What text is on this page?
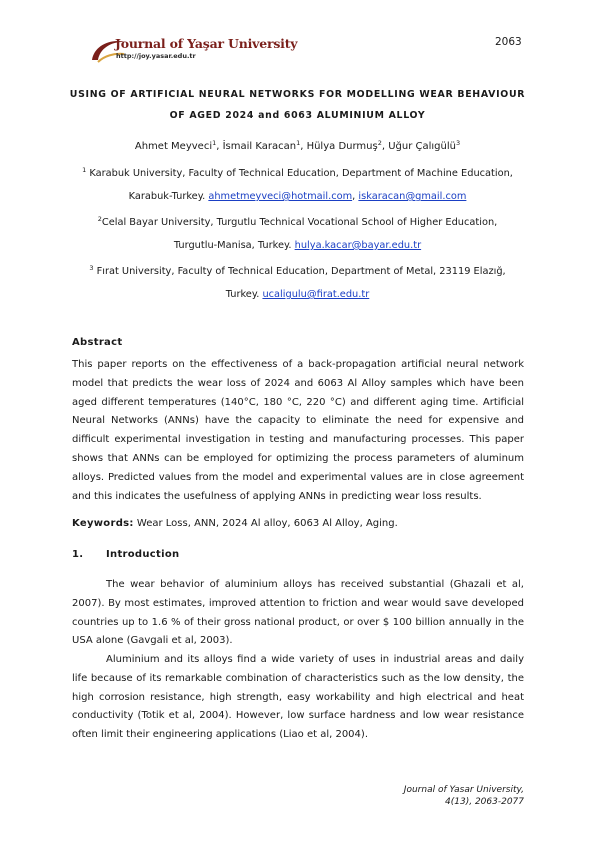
2063
Journal of Yaşar University
http://joy.yasar.edu.tr
USING OF ARTIFICIAL NEURAL NETWORKS FOR MODELLING WEAR BEHAVIOUR
OF AGED 2024 and 6063 ALUMINIUM ALLOY
Ahmet Meyveci$^1$, İsmail Karacan$^1$, Hülya Durmuş$^2$, Uğur Çalıgülü$^3$
$^1$ Karabuk University, Faculty of Technical Education, Department of Machine Education,
Karabuk-Turkey. ahmetmeyveci@hotmail.com, iskaracan@gmail.com
$^2$Celal Bayar University, Turgutlu Technical Vocational School of Higher Education,
Turgutlu-Manisa, Turkey. hulya.kacar@bayar.edu.tr
$^3$ Fırat University, Faculty of Technical Education, Department of Metal, 23119 Elazığ,
Turkey. ucaligulu@firat.edu.tr
Abstract
This paper reports on the effectiveness of a back-propagation artificial neural network model that predicts the wear loss of 2024 and 6063 Al Alloy samples which have been aged different temperatures (140°C, 180 °C, 220 °C) and different aging time. Artificial Neural Networks (ANNs) have the capacity to eliminate the need for expensive and difficult experimental investigation in testing and manufacturing processes. This paper shows that ANNs can be employed for optimizing the process parameters of aluminum alloys. Predicted values from the model and experimental values are in close agreement and this indicates the usefulness of applying ANNs in predicting wear loss results.
Keywords: Wear Loss, ANN, 2024 Al alloy, 6063 Al Alloy, Aging.
1. Introduction
The wear behavior of aluminium alloys has received substantial (Ghazali et al, 2007). By most estimates, improved attention to friction and wear would save developed countries up to 1.6 % of their gross national product, or over $ 100 billion annually in the USA alone (Gavgali et al, 2003).
Aluminium and its alloys find a wide variety of uses in industrial areas and daily life because of its remarkable combination of characteristics such as the low density, the high corrosion resistance, high strength, easy workability and high electrical and heat conductivity (Totik et al, 2004). However, low surface hardness and low wear resistance often limit their engineering applications (Liao et al, 2004).
Journal of Yasar University,
4(13), 2063-2077
